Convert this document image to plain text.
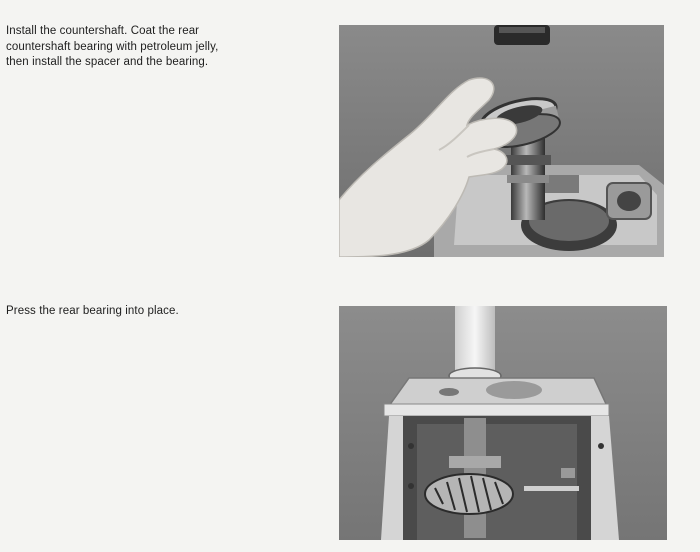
Install the countershaft. Coat the rear
countershaft bearing with petroleum jelly,
then install the spacer and the bearing.

Press the rear bearing into place.
